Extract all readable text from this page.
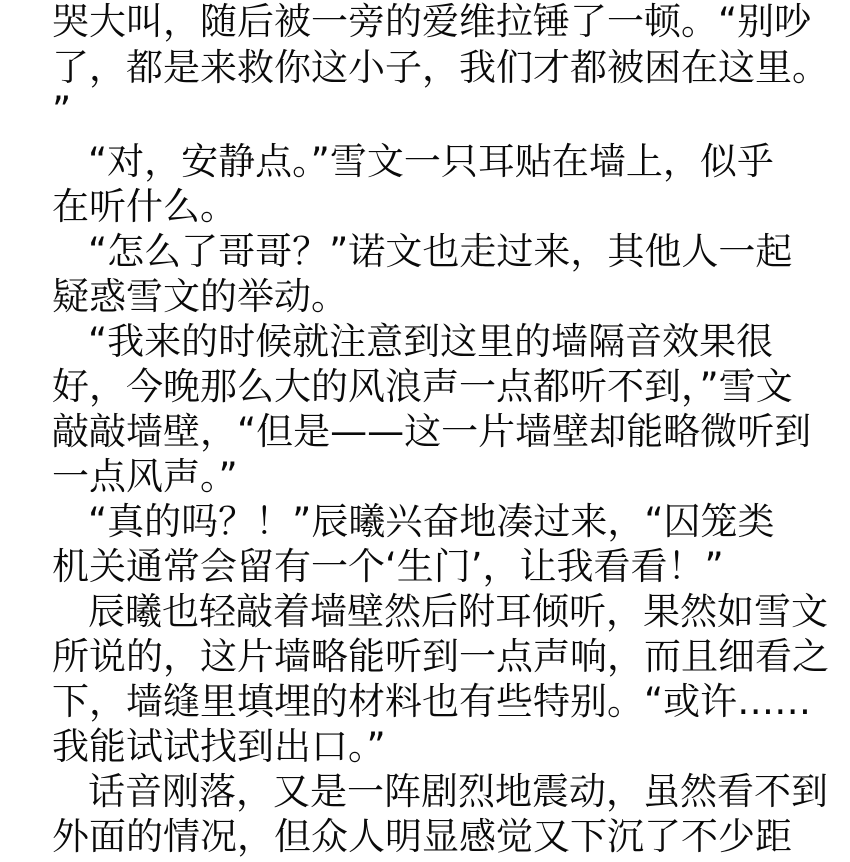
哭大叫，随后被一旁的爱维拉锤了一顿。“别吵

了，都是来救你这小子，我们才都被困在这里。

”

“对，安静点。”雪文一只耳贴在墙上，似乎

在听什么。

“怎么了哥哥？”诺文也走过来，其他人一起

疑惑雪文的举动。

“我来的时候就注意到这里的墙隔音效果很

好，今晚那么大的风浪声一点都听不到，”雪文

敲敲墙壁，“但是——这一片墙壁却能略微听到

一点风声。”

“真的吗？！”辰曦兴奋地凑过来，“囚笼类

机关通常会留有一个‘生门’，让我看看！”

辰曦也轻敲着墙壁然后附耳倾听，果然如雪文

所说的，这片墙略能听到一点声响，而且细看之

下，墙缝里填埋的材料也有些特别。“或许……

我能试试找到出口。”

话音刚落，又是一阵剧烈地震动，虽然看不到

外面的情况，但众人明显感觉又下沉了不少距
